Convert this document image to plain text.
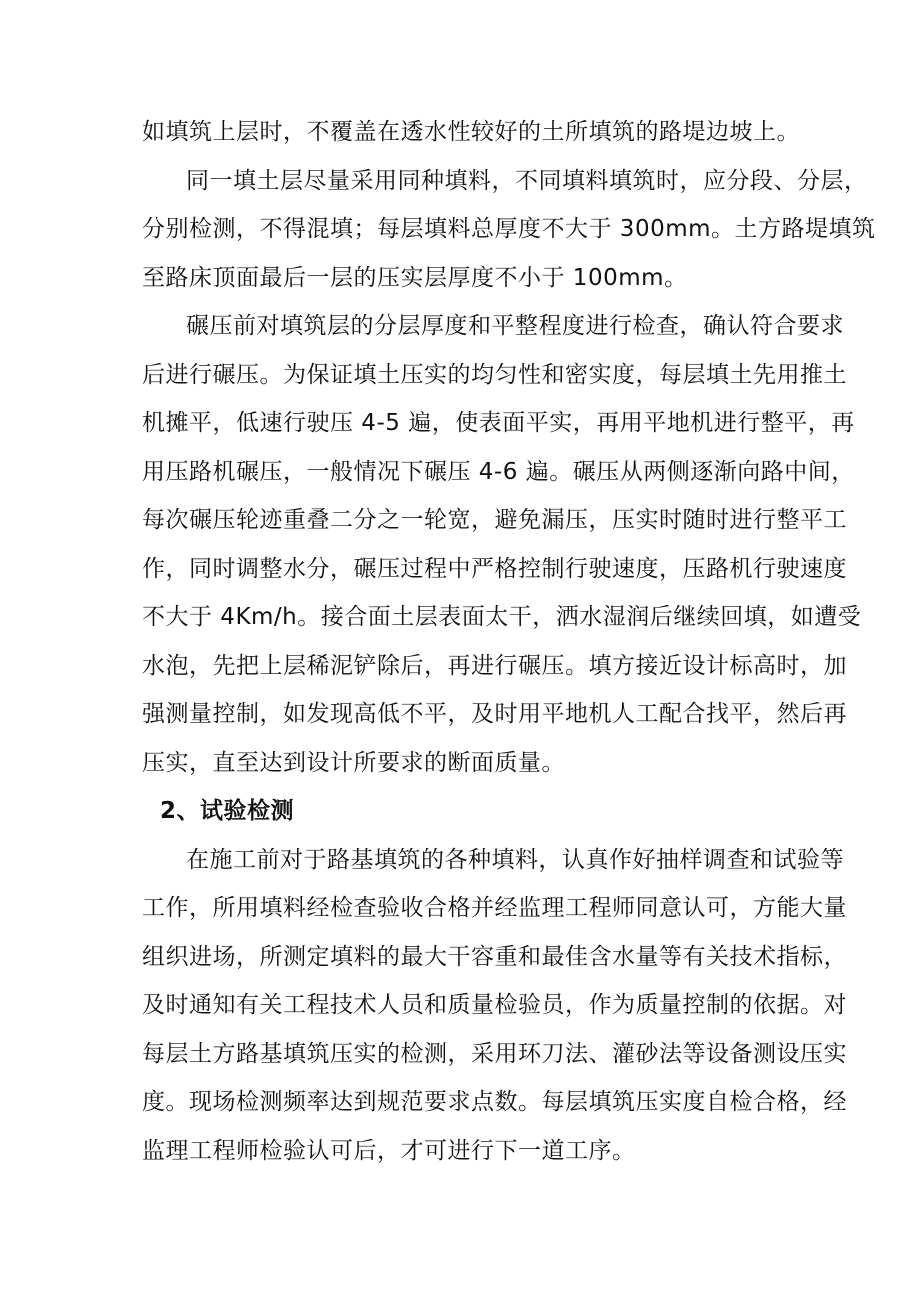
如填筑上层时，不覆盖在透水性较好的土所填筑的路堤边坡上。
同一填土层尽量采用同种填料，不同填料填筑时，应分段、分层，
分别检测，不得混填；每层填料总厚度不大于 300mm。土方路堤填筑
至路床顶面最后一层的压实层厚度不小于 100mm。
碾压前对填筑层的分层厚度和平整程度进行检查，确认符合要求
后进行碾压。为保证填土压实的均匀性和密实度，每层填土先用推土
机摊平，低速行驶压 4-5 遍，使表面平实，再用平地机进行整平，再
用压路机碾压，一般情况下碾压 4-6 遍。碾压从两侧逐渐向路中间，
每次碾压轮迹重叠二分之一轮宽，避免漏压，压实时随时进行整平工
作，同时调整水分，碾压过程中严格控制行驶速度，压路机行驶速度
不大于 4Km/h。接合面土层表面太干，洒水湿润后继续回填，如遭受
水泡，先把上层稀泥铲除后，再进行碾压。填方接近设计标高时，加
强测量控制，如发现高低不平，及时用平地机人工配合找平，然后再
压实，直至达到设计所要求的断面质量。
2、试验检测
在施工前对于路基填筑的各种填料，认真作好抽样调查和试验等
工作，所用填料经检查验收合格并经监理工程师同意认可，方能大量
组织进场，所测定填料的最大干容重和最佳含水量等有关技术指标，
及时通知有关工程技术人员和质量检验员，作为质量控制的依据。对
每层土方路基填筑压实的检测，采用环刀法、灌砂法等设备测设压实
度。现场检测频率达到规范要求点数。每层填筑压实度自检合格，经
监理工程师检验认可后，才可进行下一道工序。
